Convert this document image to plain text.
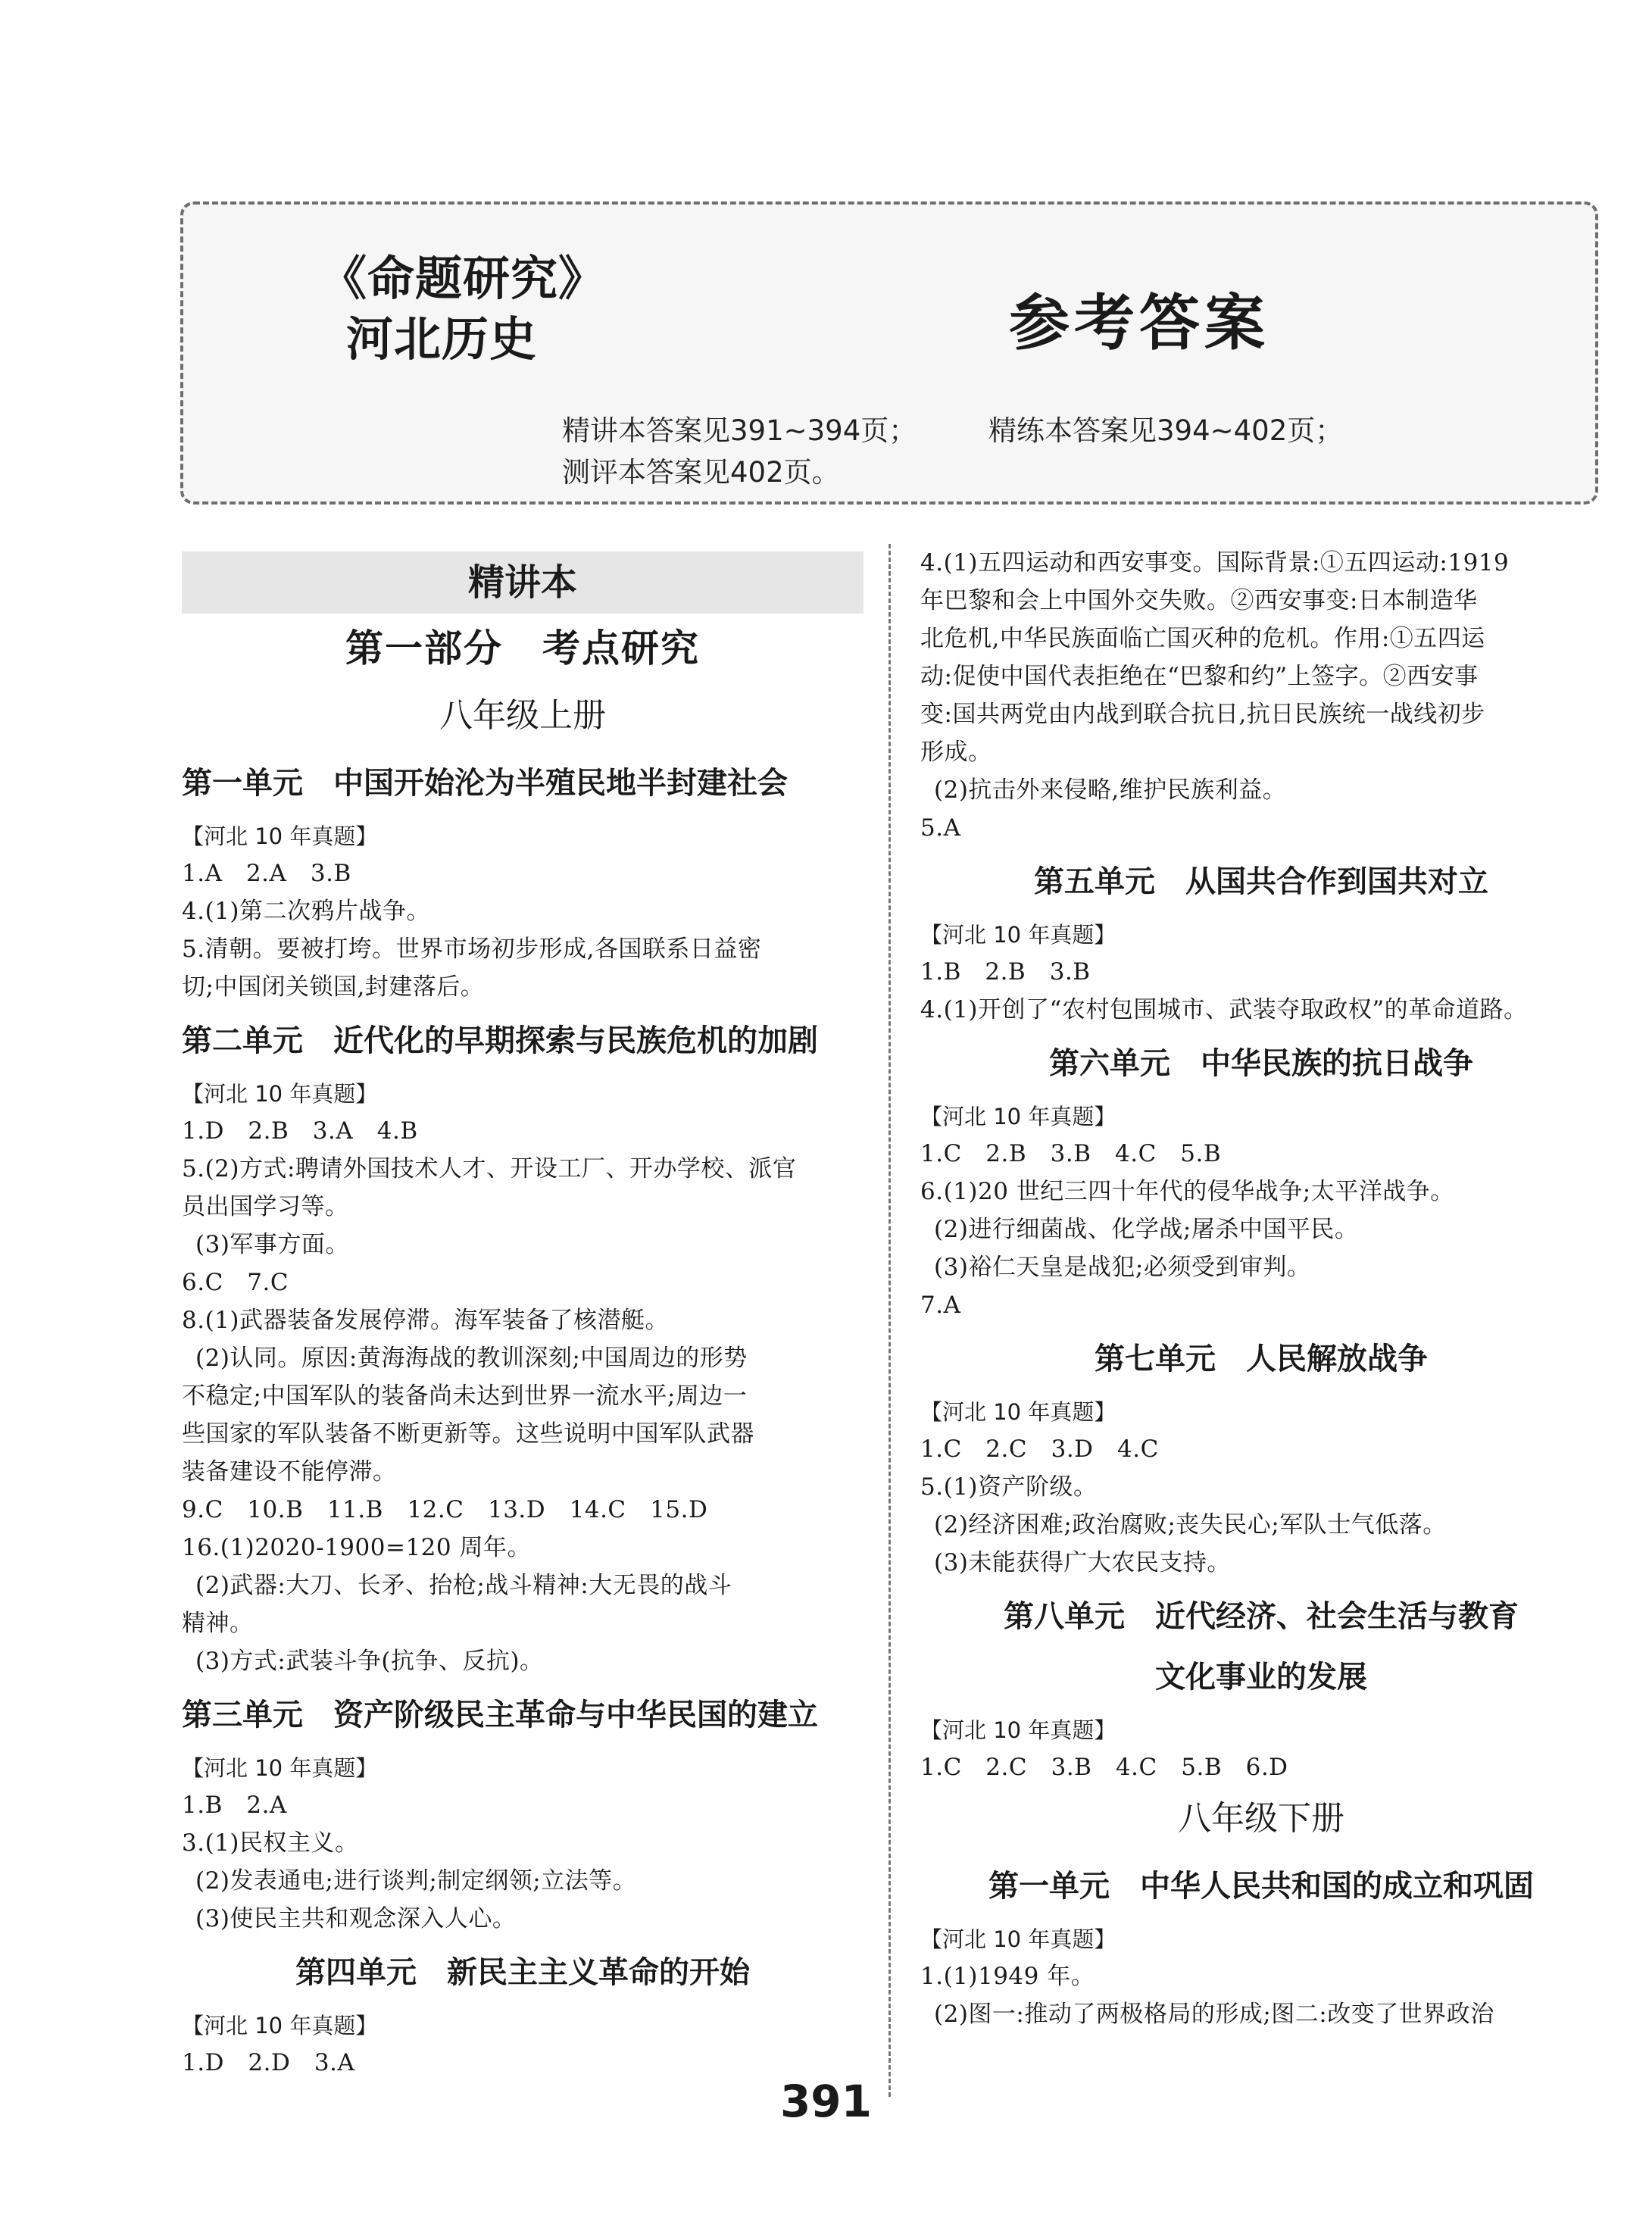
《命题研究》
河北历史	参考答案
精讲本答案见391~394页；	精练本答案见394~402页；
测评本答案见402页。
精讲本
第一部分　考点研究
八年级上册
第一单元　中国开始沦为半殖民地半封建社会
【河北 10 年真题】
1.A　2.A　3.B
4.(1)第二次鸦片战争。
5.清朝。要被打垮。世界市场初步形成,各国联系日益密
切;中国闭关锁国,封建落后。
第二单元　近代化的早期探索与民族危机的加剧
【河北 10 年真题】
1.D　2.B　3.A　4.B
5.(2)方式:聘请外国技术人才、开设工厂、开办学校、派官
员出国学习等。
(3)军事方面。
6.C　7.C
8.(1)武器装备发展停滞。海军装备了核潜艇。
(2)认同。原因:黄海海战的教训深刻;中国周边的形势
不稳定;中国军队的装备尚未达到世界一流水平;周边一
些国家的军队装备不断更新等。这些说明中国军队武器
装备建设不能停滞。
9.C　10.B　11.B　12.C　13.D　14.C　15.D
16.(1)2020-1900=120 周年。
(2)武器:大刀、长矛、抬枪;战斗精神:大无畏的战斗
精神。
(3)方式:武装斗争(抗争、反抗)。
第三单元　资产阶级民主革命与中华民国的建立
【河北 10 年真题】
1.B　2.A
3.(1)民权主义。
(2)发表通电;进行谈判;制定纲领;立法等。
(3)使民主共和观念深入人心。
第四单元　新民主主义革命的开始
【河北 10 年真题】
1.D　2.D　3.A
4.(1)五四运动和西安事变。国际背景:①五四运动:1919
年巴黎和会上中国外交失败。②西安事变:日本制造华
北危机,中华民族面临亡国灭种的危机。作用:①五四运
动:促使中国代表拒绝在“巴黎和约”上签字。②西安事
变:国共两党由内战到联合抗日,抗日民族统一战线初步
形成。
(2)抗击外来侵略,维护民族利益。
5.A
第五单元　从国共合作到国共对立
【河北 10 年真题】
1.B　2.B　3.B
4.(1)开创了“农村包围城市、武装夺取政权”的革命道路。
第六单元　中华民族的抗日战争
【河北 10 年真题】
1.C　2.B　3.B　4.C　5.B
6.(1)20 世纪三四十年代的侵华战争;太平洋战争。
(2)进行细菌战、化学战;屠杀中国平民。
(3)裕仁天皇是战犯;必须受到审判。
7.A
第七单元　人民解放战争
【河北 10 年真题】
1.C　2.C　3.D　4.C
5.(1)资产阶级。
(2)经济困难;政治腐败;丧失民心;军队士气低落。
(3)未能获得广大农民支持。
第八单元　近代经济、社会生活与教育
文化事业的发展
【河北 10 年真题】
1.C　2.C　3.B　4.C　5.B　6.D
八年级下册
第一单元　中华人民共和国的成立和巩固
【河北 10 年真题】
1.(1)1949 年。
(2)图一:推动了两极格局的形成;图二:改变了世界政治
391
